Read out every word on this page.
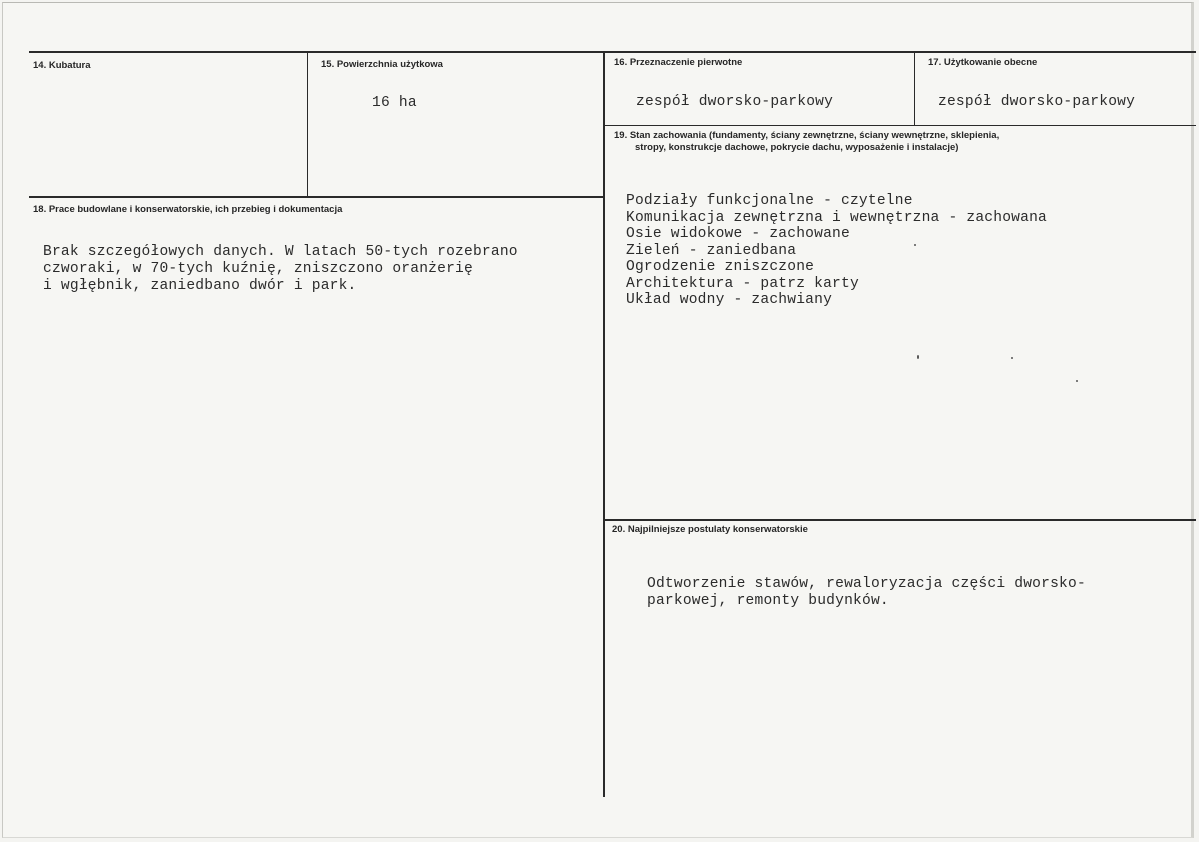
14. Kubatura	15. Powierzchnia użytkowa
16 ha
16. Przeznaczenie pierwotne
zespół dworsko-parkowy
17. Użytkowanie obecne
zespół dworsko-parkowy
18. Prace budowlane i konserwatorskie, ich przebieg i dokumentacja
Brak szczegółowych danych. W latach 50-tych rozebrano
czworaki, w 70-tych kuźnię, zniszczono oranżerię
i wgłębnik, zaniedbano dwór i park.
19. Stan zachowania (fundamenty, ściany zewnętrzne, ściany wewnętrzne, sklepienia,
stropy, konstrukcje dachowe, pokrycie dachu, wyposażenie i instalacje)
Podziały funkcjonalne - czytelne
Komunikacja zewnętrzna i wewnętrzna - zachowana
Osie widokowe - zachowane
Zieleń - zaniedbana
Ogrodzenie zniszczone
Architektura - patrz karty
Układ wodny - zachwiany
20. Najpilniejsze postulaty konserwatorskie
Odtworzenie stawów, rewaloryzacja części dworsko-
parkowej, remonty budynków.
